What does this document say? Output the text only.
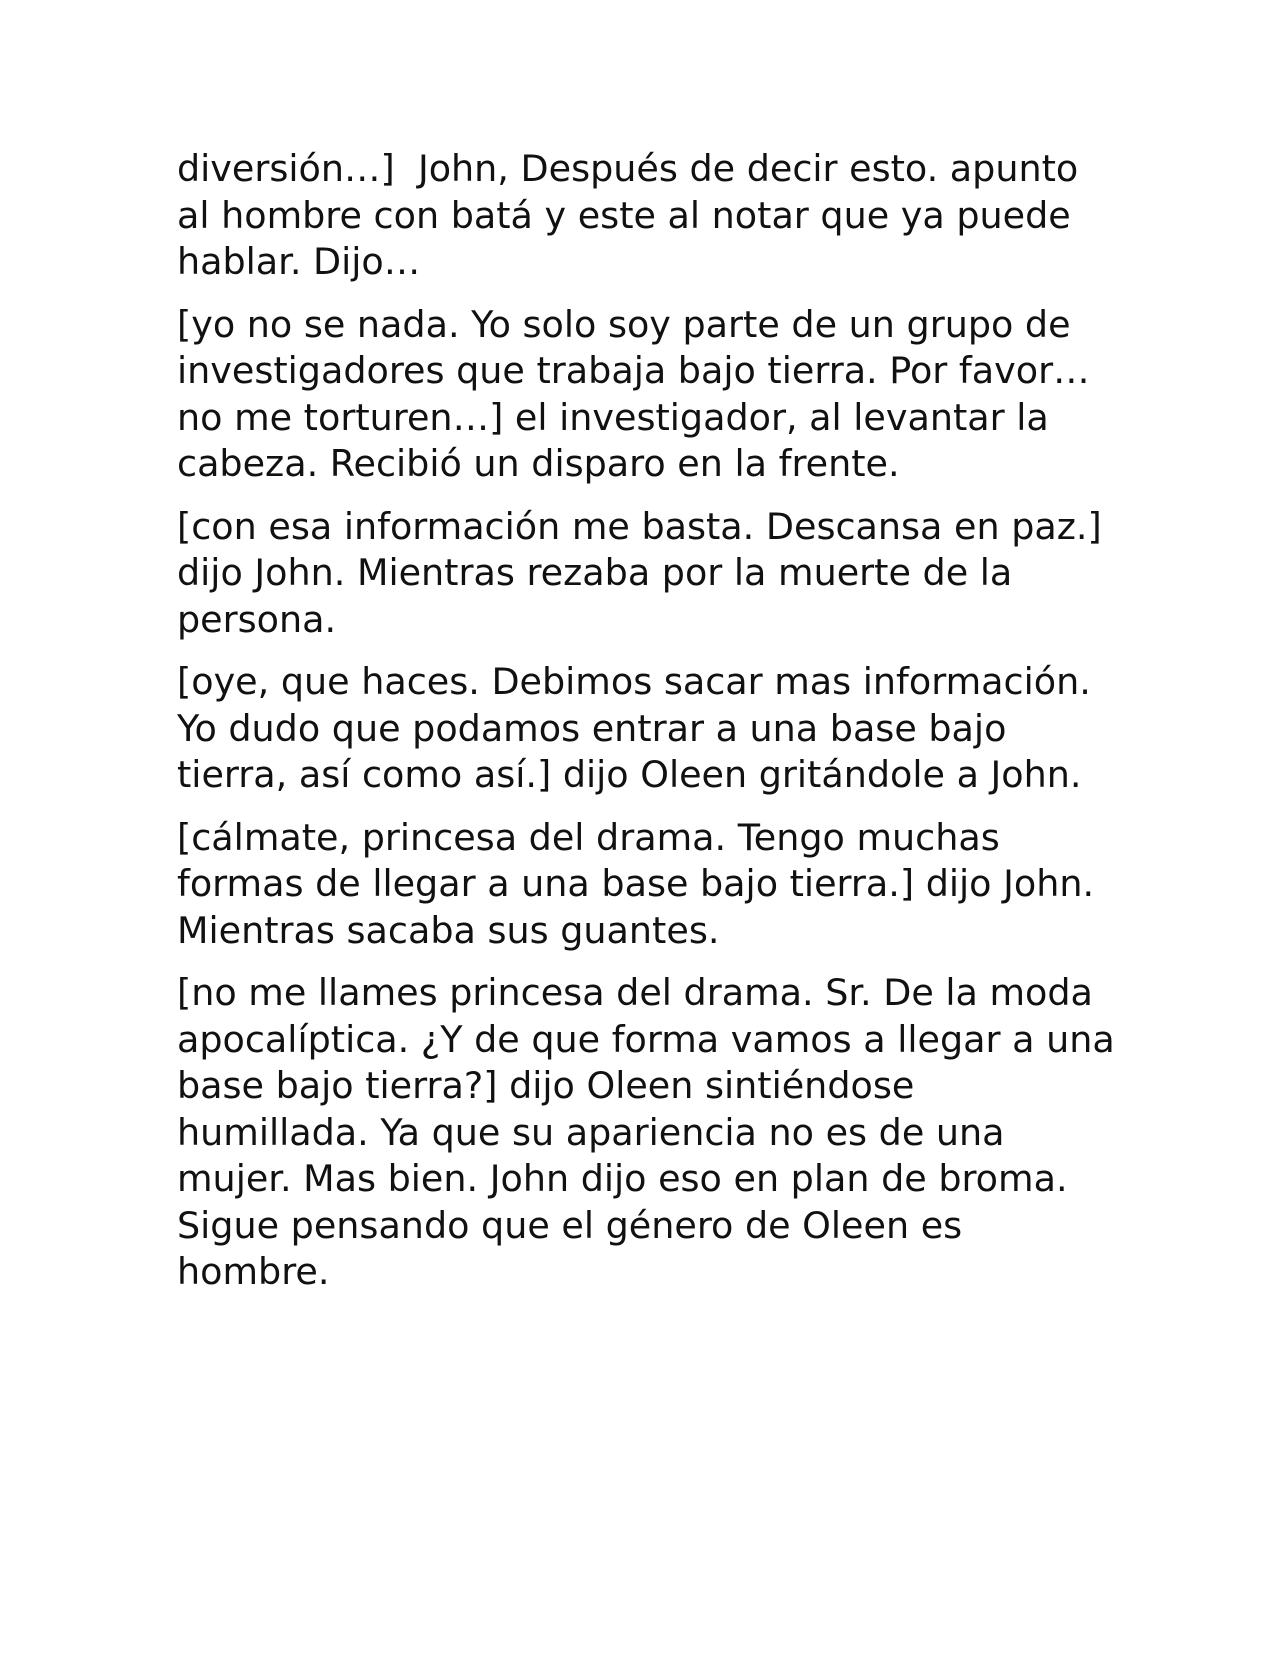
diversión…]  John, Después de decir esto. apunto al hombre con batá y este al notar que ya puede hablar. Dijo…

[yo no se nada. Yo solo soy parte de un grupo de investigadores que trabaja bajo tierra. Por favor… no me torturen…] el investigador, al levantar la cabeza. Recibió un disparo en la frente.

[con esa información me basta. Descansa en paz.] dijo John. Mientras rezaba por la muerte de la persona.

[oye, que haces. Debimos sacar mas información. Yo dudo que podamos entrar a una base bajo tierra, así como así.] dijo Oleen gritándole a John.

[cálmate, princesa del drama. Tengo muchas formas de llegar a una base bajo tierra.] dijo John. Mientras sacaba sus guantes.

[no me llames princesa del drama. Sr. De la moda apocalíptica. ¿Y de que forma vamos a llegar a una base bajo tierra?] dijo Oleen sintiéndose humillada. Ya que su apariencia no es de una mujer. Mas bien. John dijo eso en plan de broma. Sigue pensando que el género de Oleen es hombre.
